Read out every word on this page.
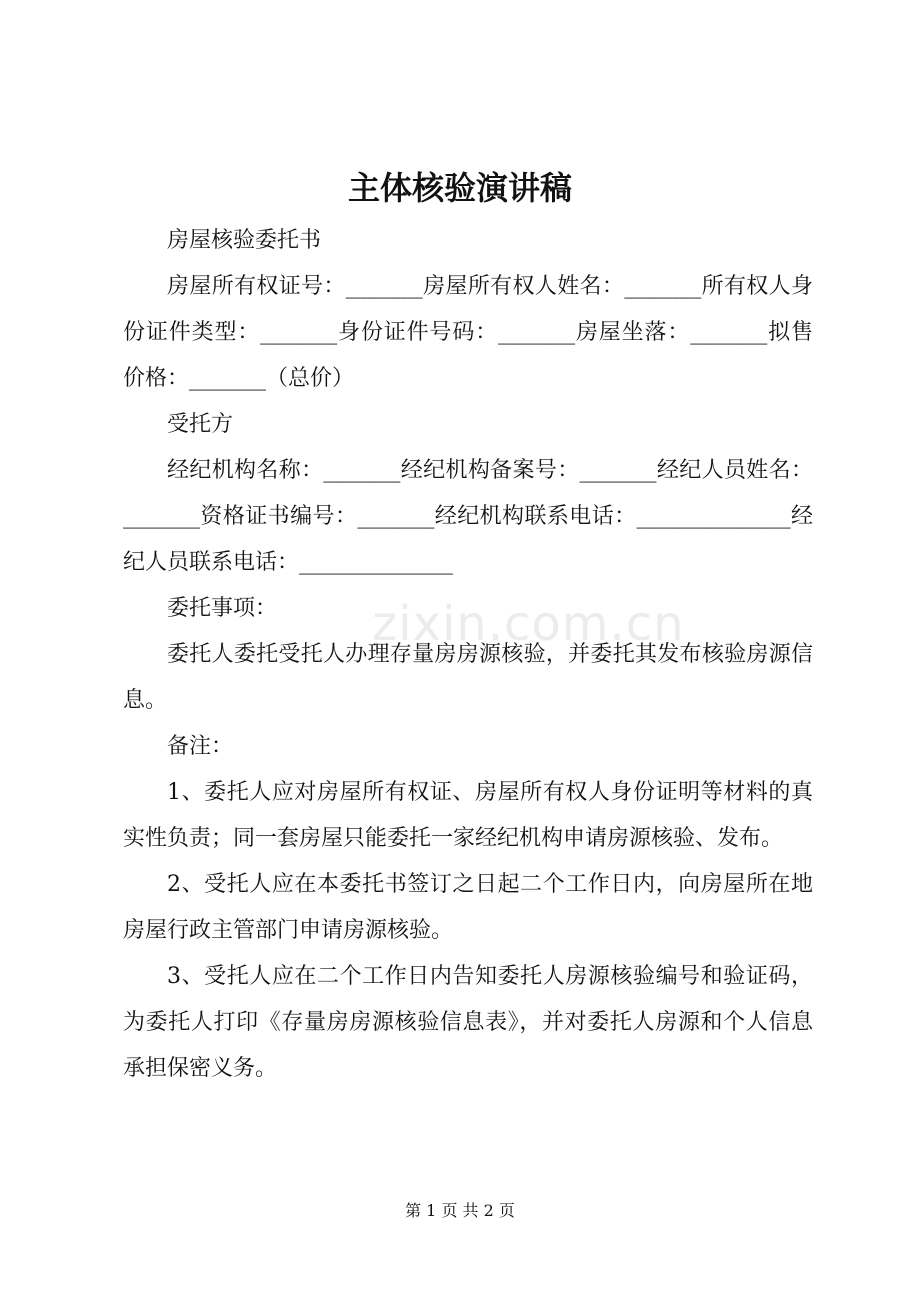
zixin.com.cn
主体核验演讲稿

房屋核验委托书

房屋所有权证号：_______房屋所有权人姓名：_______所有权人身份证件类型：_______身份证件号码：_______房屋坐落：_______拟售价格：_______（总价）

受托方

经纪机构名称：_______经纪机构备案号：_______经纪人员姓名：_______资格证书编号：_______经纪机构联系电话：______________经纪人员联系电话：______________

委托事项：

委托人委托受托人办理存量房房源核验，并委托其发布核验房源信息。

备注：

1、委托人应对房屋所有权证、房屋所有权人身份证明等材料的真实性负责；同一套房屋只能委托一家经纪机构申请房源核验、发布。

2、受托人应在本委托书签订之日起二个工作日内，向房屋所在地房屋行政主管部门申请房源核验。

3、受托人应在二个工作日内告知委托人房源核验编号和验证码，为委托人打印《存量房房源核验信息表》，并对委托人房源和个人信息承担保密义务。

第 1 页 共 2 页
